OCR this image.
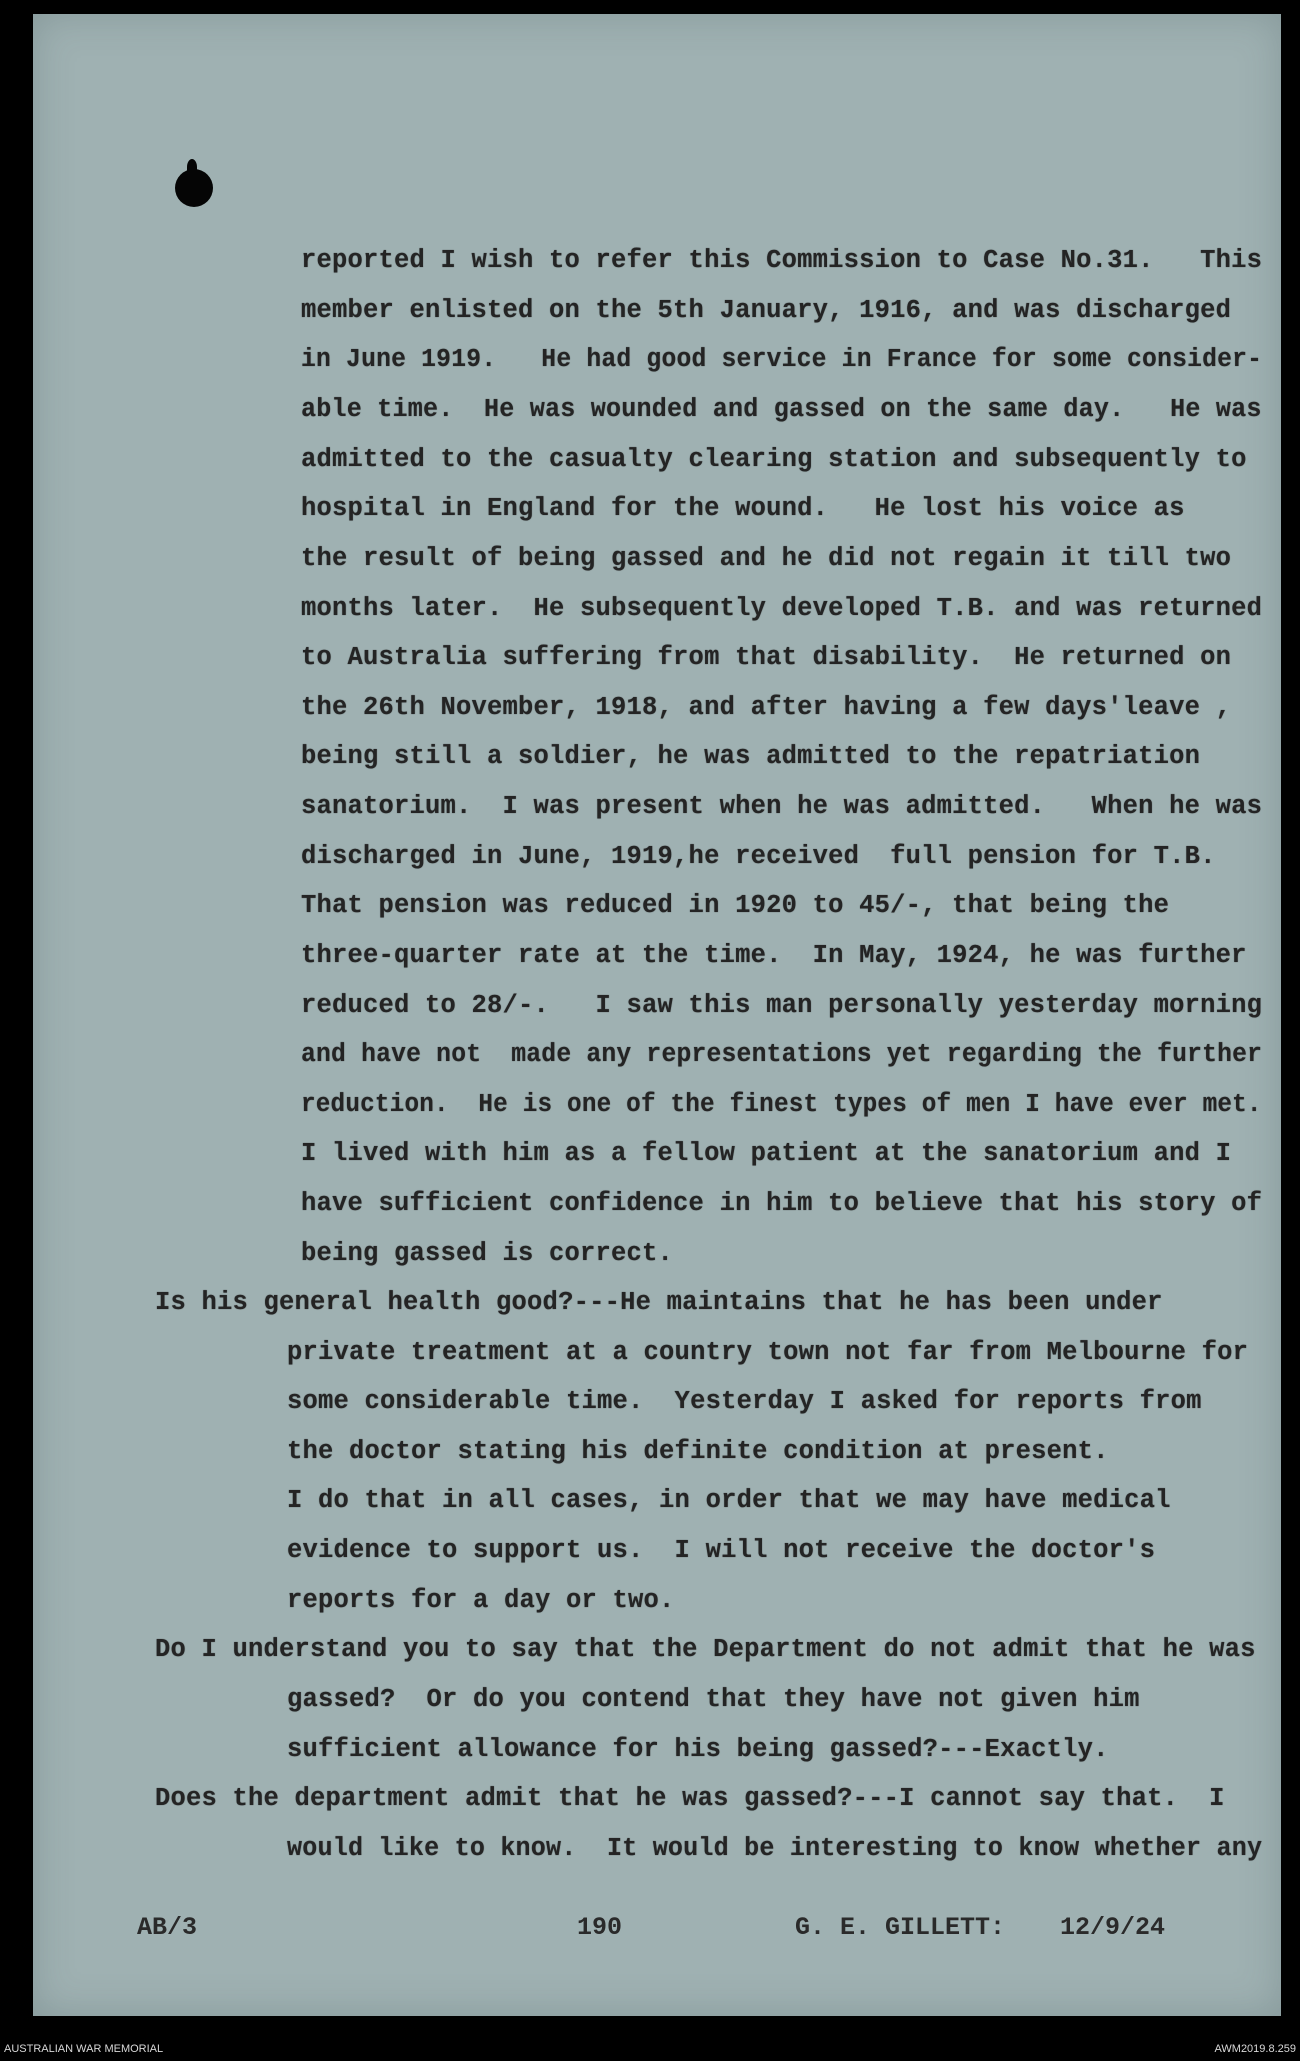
reported I wish to refer this Commission to Case No.31.   This
member enlisted on the 5th January, 1916, and was discharged
in June 1919.   He had good service in France for some consider-
able time.  He was wounded and gassed on the same day.   He was
admitted to the casualty clearing station and subsequently to
hospital in England for the wound.   He lost his voice as
the result of being gassed and he did not regain it till two
months later.  He subsequently developed T.B. and was returned
to Australia suffering from that disability.  He returned on
the 26th November, 1918, and after having a few days'leave ,
being still a soldier, he was admitted to the repatriation
sanatorium.  I was present when he was admitted.   When he was
discharged in June, 1919,he received  full pension for T.B.
That pension was reduced in 1920 to 45/-, that being the
three-quarter rate at the time.  In May, 1924, he was further
reduced to 28/-.   I saw this man personally yesterday morning
and have not  made any representations yet regarding the further
reduction.  He is one of the finest types of men I have ever met.
I lived with him as a fellow patient at the sanatorium and I
have sufficient confidence in him to believe that his story of
being gassed is correct.
Is his general health good?---He maintains that he has been under
private treatment at a country town not far from Melbourne for
some considerable time.  Yesterday I asked for reports from
the doctor stating his definite condition at present.
I do that in all cases, in order that we may have medical
evidence to support us.  I will not receive the doctor's
reports for a day or two.
Do I understand you to say that the Department do not admit that he was
gassed?  Or do you contend that they have not given him
sufficient allowance for his being gassed?---Exactly.
Does the department admit that he was gassed?---I cannot say that.  I
would like to know.  It would be interesting to know whether any
AB/3	190	G. E. GILLETT: 12/9/24
AUSTRALIAN WAR MEMORIAL	AWM2019.8.259
